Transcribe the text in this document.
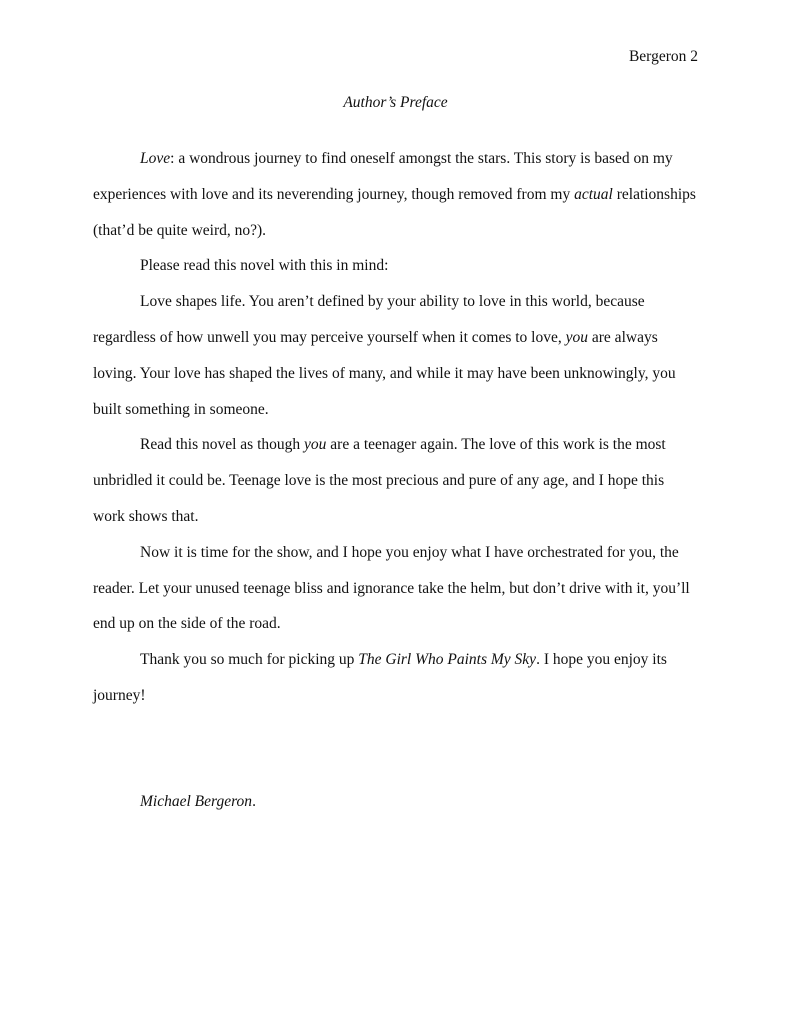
Bergeron 2
Author’s Preface

Love: a wondrous journey to find oneself amongst the stars. This story is based on my experiences with love and its neverending journey, though removed from my actual relationships (that’d be quite weird, no?).

Please read this novel with this in mind:

Love shapes life. You aren’t defined by your ability to love in this world, because regardless of how unwell you may perceive yourself when it comes to love, you are always loving. Your love has shaped the lives of many, and while it may have been unknowingly, you built something in someone.

Read this novel as though you are a teenager again. The love of this work is the most unbridled it could be. Teenage love is the most precious and pure of any age, and I hope this work shows that.

Now it is time for the show, and I hope you enjoy what I have orchestrated for you, the reader. Let your unused teenage bliss and ignorance take the helm, but don’t drive with it, you’ll end up on the side of the road.

Thank you so much for picking up The Girl Who Paints My Sky. I hope you enjoy its journey!

Michael Bergeron.
